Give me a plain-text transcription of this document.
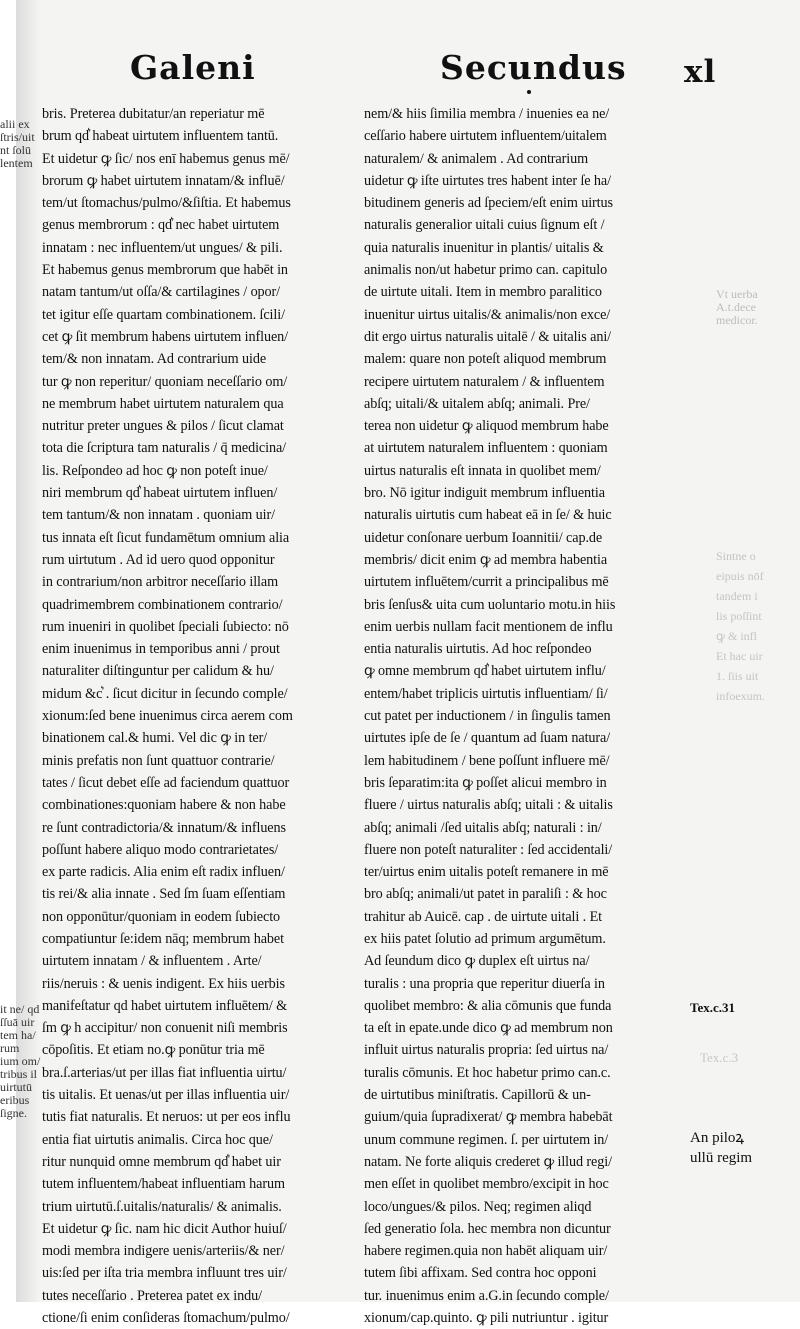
Galeni	Secundus xl
alii ex
ſtris/uit
nt ſolū
lentem
it ne/ qd
ſſuā uir
tem ha/
rum
ium om/
tribus il
uirtutū
eribus
ſigne.
bris. Preterea dubitatur/an reperiatur mē
brum qd͛ habeat uirtutem influentem tantū.
Et uidetur ꝙ ſic/ nos enī habemus genus mē/
brorum ꝙ habet uirtutem innatam/& influē/
tem/ut ſtomachus/pulmo/&ſiſtia. Et habemus
genus membrorum : qd͛ nec habet uirtutem
innatam : nec influentem/ut ungues/ & pili.
Et habemus genus membrorum que habēt in
natam tantum/ut oſſa/& cartilagines / opor/
tet igitur eſſe quartam combinationem. ſcili/
cet ꝙ ſit membrum habens uirtutem influen/
tem/& non innatam. Ad contrarium uide
tur ꝙ non reperitur/ quoniam neceſſario om/
ne membrum habet uirtutem naturalem qua
nutritur preter ungues & pilos / ſicut clamat
tota die ſcriptura tam naturalis / q̄ medicina/
lis. Reſpondeo ad hoc ꝙ non poteſt inue/
niri membrum qd͛ habeat uirtutem influen/
tem tantum/& non innatam . quoniam uir/
tus innata eſt ſicut fundamētum omnium alia
rum uirtutum . Ad id uero quod opponitur
in contrarium/non arbitror neceſſario illam
quadrimembrem combinationem contrario/
rum inueniri in quolibet ſpeciali ſubiecto: nō
enim inuenimus in temporibus anni / prout
naturaliter diſtinguntur per calidum & hu/
midum &c͛ . ſicut dicitur in ſecundo comple/
xionum:ſed bene inuenimus circa aerem com
binationem cal.& humi. Vel dic ꝙ in ter/
minis prefatis non ſunt quattuor contrarie/
tates / ſicut debet eſſe ad faciendum quattuor
combinationes:quoniam habere & non habe
re ſunt contradictoria/& innatum/& influens
poſſunt habere aliquo modo contrarietates/
ex parte radicis. Alia enim eſt radix influen/
tis rei/& alia innate . Sed ſm ſuam eſſentiam
non opponūtur/quoniam in eodem ſubiecto
compatiuntur ſe:idem nāq; membrum habet
uirtutem innatam / & influentem . Arte/
riis/neruis : & uenis indigent. Ex hiis uerbis
manifeſtatur qd habet uirtutem influētem/ &
ſm ꝙ h accipitur/ non conuenit niſi membris
cōpoſitis. Et etiam no.ꝙ ponūtur tria mē
bra.ſ.arterias/ut per illas fiat influentia uirtu/
tis uitalis. Et uenas/ut per illas influentia uir/
tutis fiat naturalis. Et neruos: ut per eos influ
entia fiat uirtutis animalis. Circa hoc que/
ritur nunquid omne membrum qd͛ habet uir
tutem influentem/habeat influentiam harum
trium uirtutū.ſ.uitalis/naturalis/ & animalis.
Et uidetur ꝙ ſic. nam hic dicit Author huiuſ/
modi membra indigere uenis/arteriis/& ner/
uis:ſed per iſta tria membra influunt tres uir/
tutes neceſſario . Preterea patet ex indu/
ctione/ſi enim conſideras ſtomachum/pulmo/
nem/& hiis ſimilia membra / inuenies ea ne/
ceſſario habere uirtutem influentem/uitalem
naturalem/ & animalem . Ad contrarium
uidetur ꝙ iſte uirtutes tres habent inter ſe ha/
bitudinem generis ad ſpeciem/eſt enim uirtus
naturalis generalior uitali cuius ſignum eſt /
quia naturalis inuenitur in plantis/ uitalis &
animalis non/ut habetur primo can. capitulo
de uirtute uitali. Item in membro paralitico
inuenitur uirtus uitalis/& animalis/non exce/
dit ergo uirtus naturalis uitalē / & uitalis ani/
malem: quare non poteſt aliquod membrum
recipere uirtutem naturalem / & influentem
abſq; uitali/& uitalem abſq; animali. Pre/
terea non uidetur ꝙ aliquod membrum habe
at uirtutem naturalem influentem : quoniam
uirtus naturalis eſt innata in quolibet mem/
bro. Nō igitur indiguit membrum influentia
naturalis uirtutis cum habeat eā in ſe/ & huic
uidetur conſonare uerbum Ioannitii/ cap.de
membris/ dicit enim ꝙ ad membra habentia
uirtutem influētem/currit a principalibus mē
bris ſenſus& uita cum uoluntario motu.in hiis
enim uerbis nullam facit mentionem de influ
entia naturalis uirtutis. Ad hoc reſpondeo
ꝙ omne membrum qd͛ habet uirtutem influ/
entem/habet triplicis uirtutis influentiam/ ſi/
cut patet per inductionem / in ſingulis tamen
uirtutes ipſe de ſe / quantum ad ſuam natura/
lem habitudinem / bene poſſunt influere mē/
bris ſeparatim:ita ꝙ poſſet alicui membro in
fluere / uirtus naturalis abſq; uitali : & uitalis
abſq; animali /ſed uitalis abſq; naturali : in/
fluere non poteſt naturaliter : ſed accidentali/
ter/uirtus enim uitalis poteſt remanere in mē
bro abſq; animali/ut patet in paraliſi : & hoc
trahitur ab Auicē. cap . de uirtute uitali . Et
ex hiis patet ſolutio ad primum argumētum.
Ad ſeundum dico ꝙ duplex eſt uirtus na/
turalis : una propria que reperitur diuerſa in
quolibet membro: & alia cōmunis que funda
ta eſt in epate.unde dico ꝙ ad membrum non
influit uirtus naturalis propria: ſed uirtus na/
turalis cōmunis. Et hoc habetur primo can.c.
de uirtutibus miniſtratis. Capillorū & un-
guium/quia ſupradixerat/ ꝙ membra habebāt
unum commune regimen. ſ. per uirtutem in/
natam. Ne forte aliquis crederet ꝙ illud regi/
men eſſet in quolibet membro/excipit in hoc
loco/ungues/& pilos. Neq; regimen aliqd
ſed generatio ſola. hec membra non dicuntur
habere regimen.quia non habēt aliquam uir/
tutem ſibi affixam. Sed contra hoc opponi
tur. inuenimus enim a.G.in ſecundo comple/
xionum/cap.quinto. ꝙ pili nutriuntur . igitur
Vt uerba
A.t.dece
medicor.
Sintne o
eipuis nōf
tandem i
lis poſſint
ꝙ & infl
Et hac uir
1. ſiis uit
infoexum.
Tex.c.31
Tex.c.3
An piloꝝ
ullū regim
